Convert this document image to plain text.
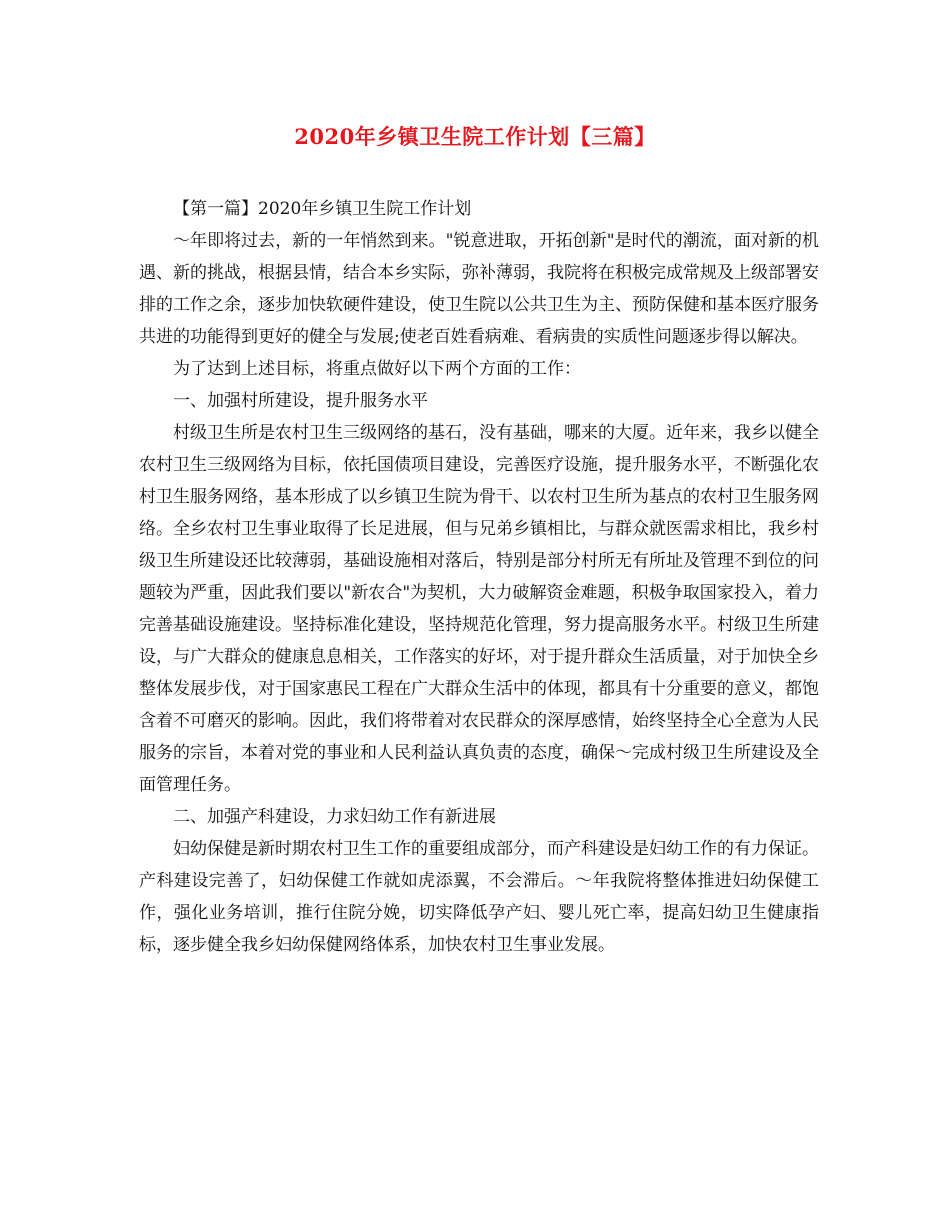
2020年乡镇卫生院工作计划【三篇】

【第一篇】2020年乡镇卫生院工作计划

～年即将过去，新的一年悄然到来。"锐意进取，开拓创新"是时代的潮流，面对新的机遇、新的挑战，根据县情，结合本乡实际，弥补薄弱，我院将在积极完成常规及上级部署安排的工作之余，逐步加快软硬件建设，使卫生院以公共卫生为主、预防保健和基本医疗服务共进的功能得到更好的健全与发展;使老百姓看病难、看病贵的实质性问题逐步得以解决。

为了达到上述目标，将重点做好以下两个方面的工作：

一、加强村所建设，提升服务水平

村级卫生所是农村卫生三级网络的基石，没有基础，哪来的大厦。近年来，我乡以健全农村卫生三级网络为目标，依托国债项目建设，完善医疗设施，提升服务水平，不断强化农村卫生服务网络，基本形成了以乡镇卫生院为骨干、以农村卫生所为基点的农村卫生服务网络。全乡农村卫生事业取得了长足进展，但与兄弟乡镇相比，与群众就医需求相比，我乡村级卫生所建设还比较薄弱，基础设施相对落后，特别是部分村所无有所址及管理不到位的问题较为严重，因此我们要以"新农合"为契机，大力破解资金难题，积极争取国家投入，着力完善基础设施建设。坚持标准化建设，坚持规范化管理，努力提高服务水平。村级卫生所建设，与广大群众的健康息息相关，工作落实的好坏，对于提升群众生活质量，对于加快全乡整体发展步伐，对于国家惠民工程在广大群众生活中的体现，都具有十分重要的意义，都饱含着不可磨灭的影响。因此，我们将带着对农民群众的深厚感情，始终坚持全心全意为人民服务的宗旨，本着对党的事业和人民利益认真负责的态度，确保～完成村级卫生所建设及全面管理任务。

二、加强产科建设，力求妇幼工作有新进展

妇幼保健是新时期农村卫生工作的重要组成部分，而产科建设是妇幼工作的有力保证。产科建设完善了，妇幼保健工作就如虎添翼，不会滞后。～年我院将整体推进妇幼保健工作，强化业务培训，推行住院分娩，切实降低孕产妇、婴儿死亡率，提高妇幼卫生健康指标，逐步健全我乡妇幼保健网络体系，加快农村卫生事业发展。
